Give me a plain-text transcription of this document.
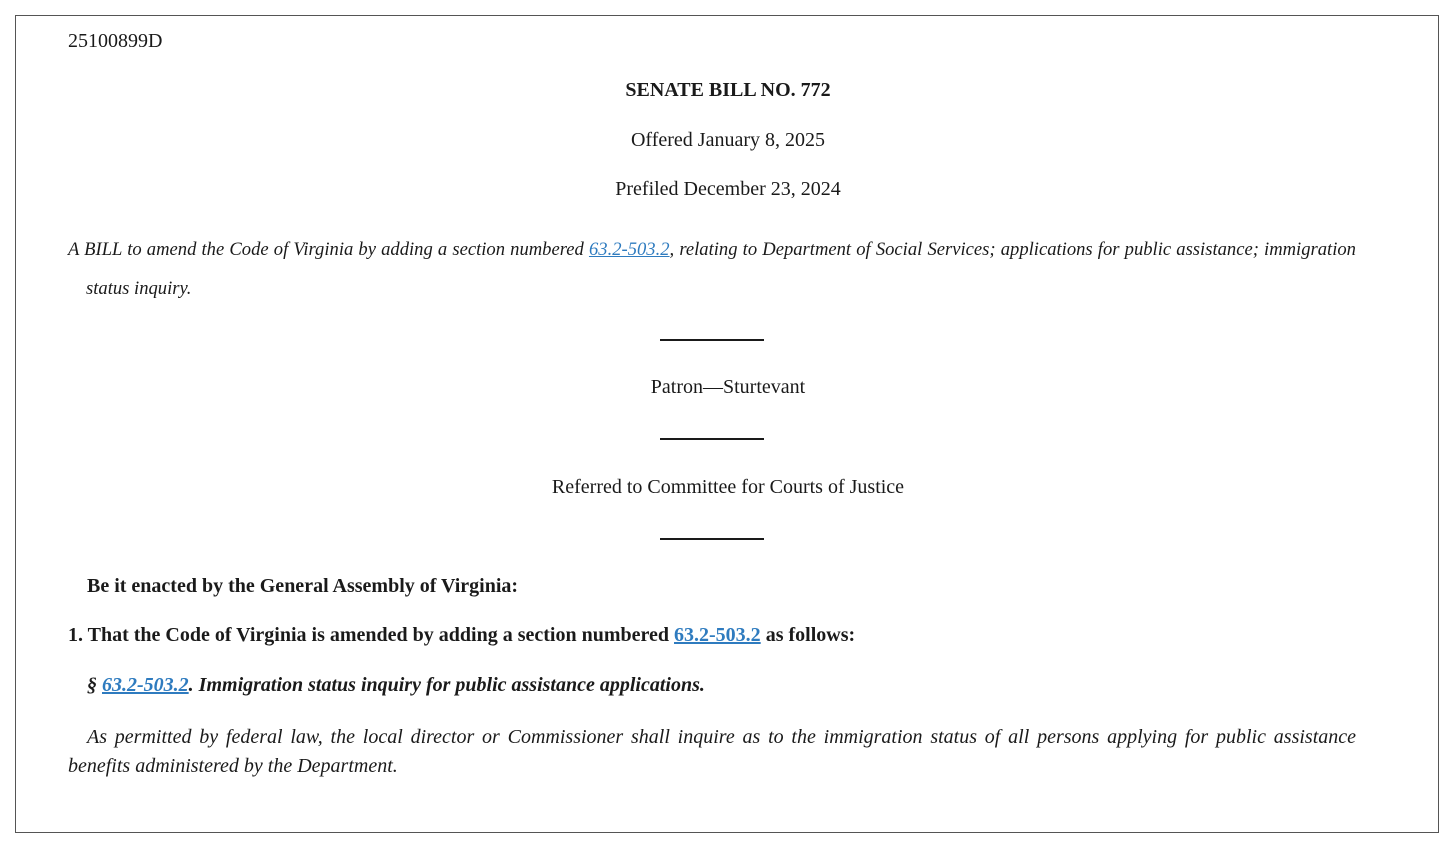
25100899D
SENATE BILL NO. 772
Offered January 8, 2025
Prefiled December 23, 2024
A BILL to amend the Code of Virginia by adding a section numbered 63.2-503.2, relating to Department of Social Services; applications for public assistance; immigration status inquiry.
Patron—Sturtevant
Referred to Committee for Courts of Justice
Be it enacted by the General Assembly of Virginia:
1. That the Code of Virginia is amended by adding a section numbered 63.2-503.2 as follows:
§ 63.2-503.2. Immigration status inquiry for public assistance applications.
As permitted by federal law, the local director or Commissioner shall inquire as to the immigration status of all persons applying for public assistance benefits administered by the Department.
